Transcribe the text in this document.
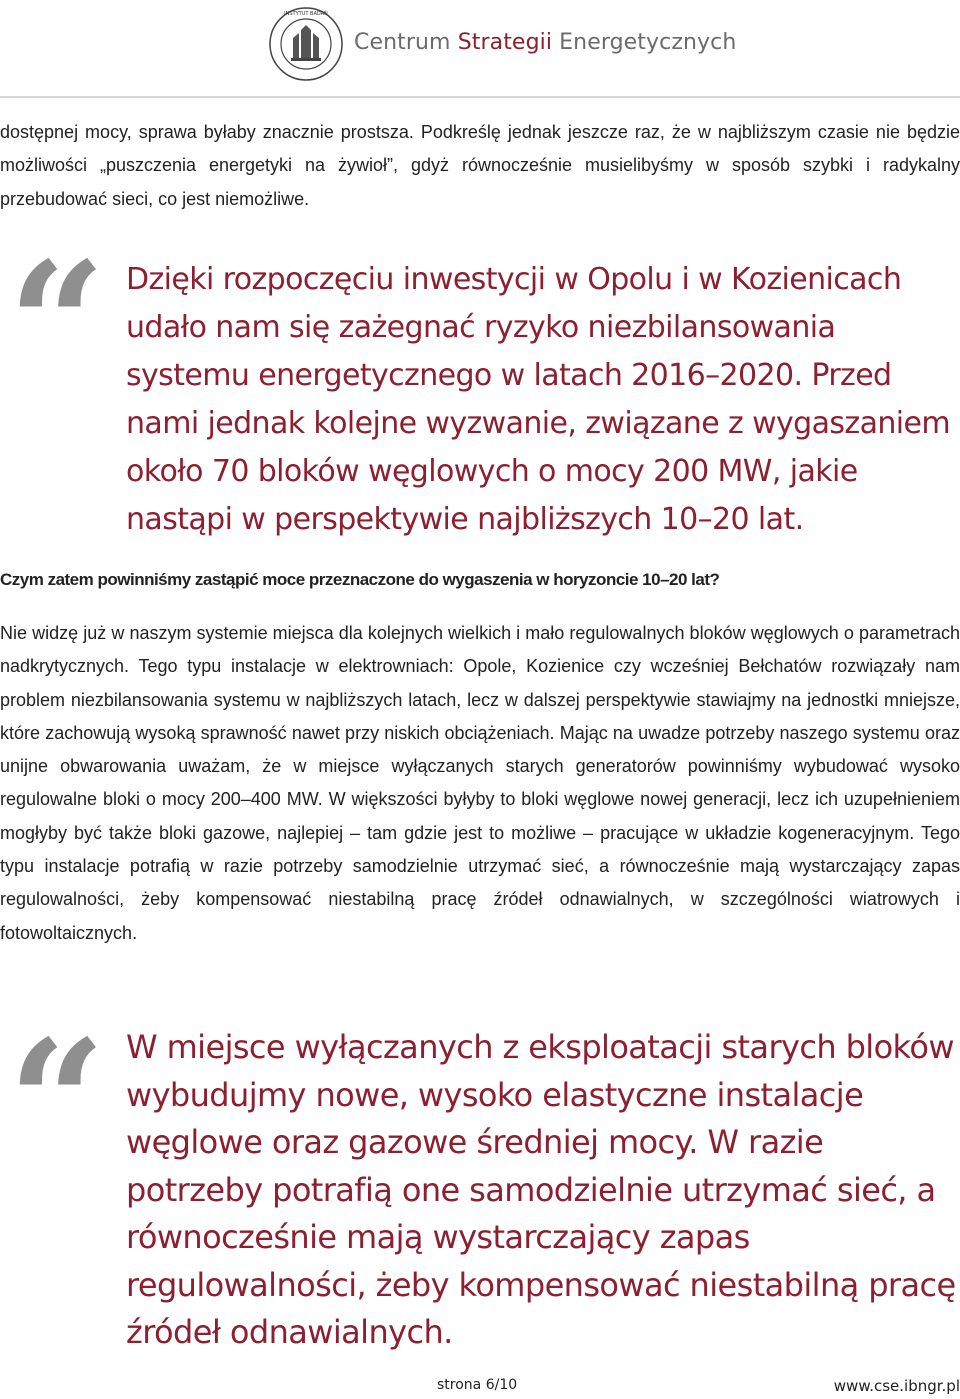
INSTYTUT BADAŃ
Centrum Strategii Energetycznych

dostępnej mocy, sprawa byłaby znacznie prostsza. Podkreślę jednak jeszcze raz, że w najbliższym czasie nie będzie możliwości „puszczenia energetyki na żywioł”, gdyż równocześnie musielibyśmy w sposób szybki i radykalny przebudować sieci, co jest niemożliwe.

“ Dzięki rozpoczęciu inwestycji w Opolu i w Kozienicach udało nam się zażegnać ryzyko niezbilansowania systemu energetycznego w latach 2016–2020. Przed nami jednak kolejne wyzwanie, związane z wygaszaniem około 70 bloków węglowych o mocy 200 MW, jakie nastąpi w perspektywie najbliższych 10–20 lat.

Czym zatem powinniśmy zastąpić moce przeznaczone do wygaszenia w horyzoncie 10–20 lat?

Nie widzę już w naszym systemie miejsca dla kolejnych wielkich i mało regulowalnych bloków węglowych o parametrach nadkrytycznych. Tego typu instalacje w elektrowniach: Opole, Kozienice czy wcześniej Bełchatów rozwiązały nam problem niezbilansowania systemu w najbliższych latach, lecz w dalszej perspektywie stawiajmy na jednostki mniejsze, które zachowują wysoką sprawność nawet przy niskich obciążeniach. Mając na uwadze potrzeby naszego systemu oraz unijne obwarowania uważam, że w miejsce wyłączanych starych generatorów powinniśmy wybudować wysoko regulowalne bloki o mocy 200–400 MW. W większości byłyby to bloki węglowe nowej generacji, lecz ich uzupełnieniem mogłyby być także bloki gazowe, najlepiej – tam gdzie jest to możliwe – pracujące w układzie kogeneracyjnym. Tego typu instalacje potrafią w razie potrzeby samodzielnie utrzymać sieć, a równocześnie mają wystarczający zapas regulowalności, żeby kompensować niestabilną pracę źródeł odnawialnych, w szczególności wiatrowych i fotowoltaicznych.

“ W miejsce wyłączanych z eksploatacji starych bloków wybudujmy nowe, wysoko elastyczne instalacje węglowe oraz gazowe średniej mocy. W razie potrzeby potrafią one samodzielnie utrzymać sieć, a równocześnie mają wystarczający zapas regulowalności, żeby kompensować niestabilną pracę źródeł odnawialnych.

strona 6/10	www.cse.ibngr.pl
